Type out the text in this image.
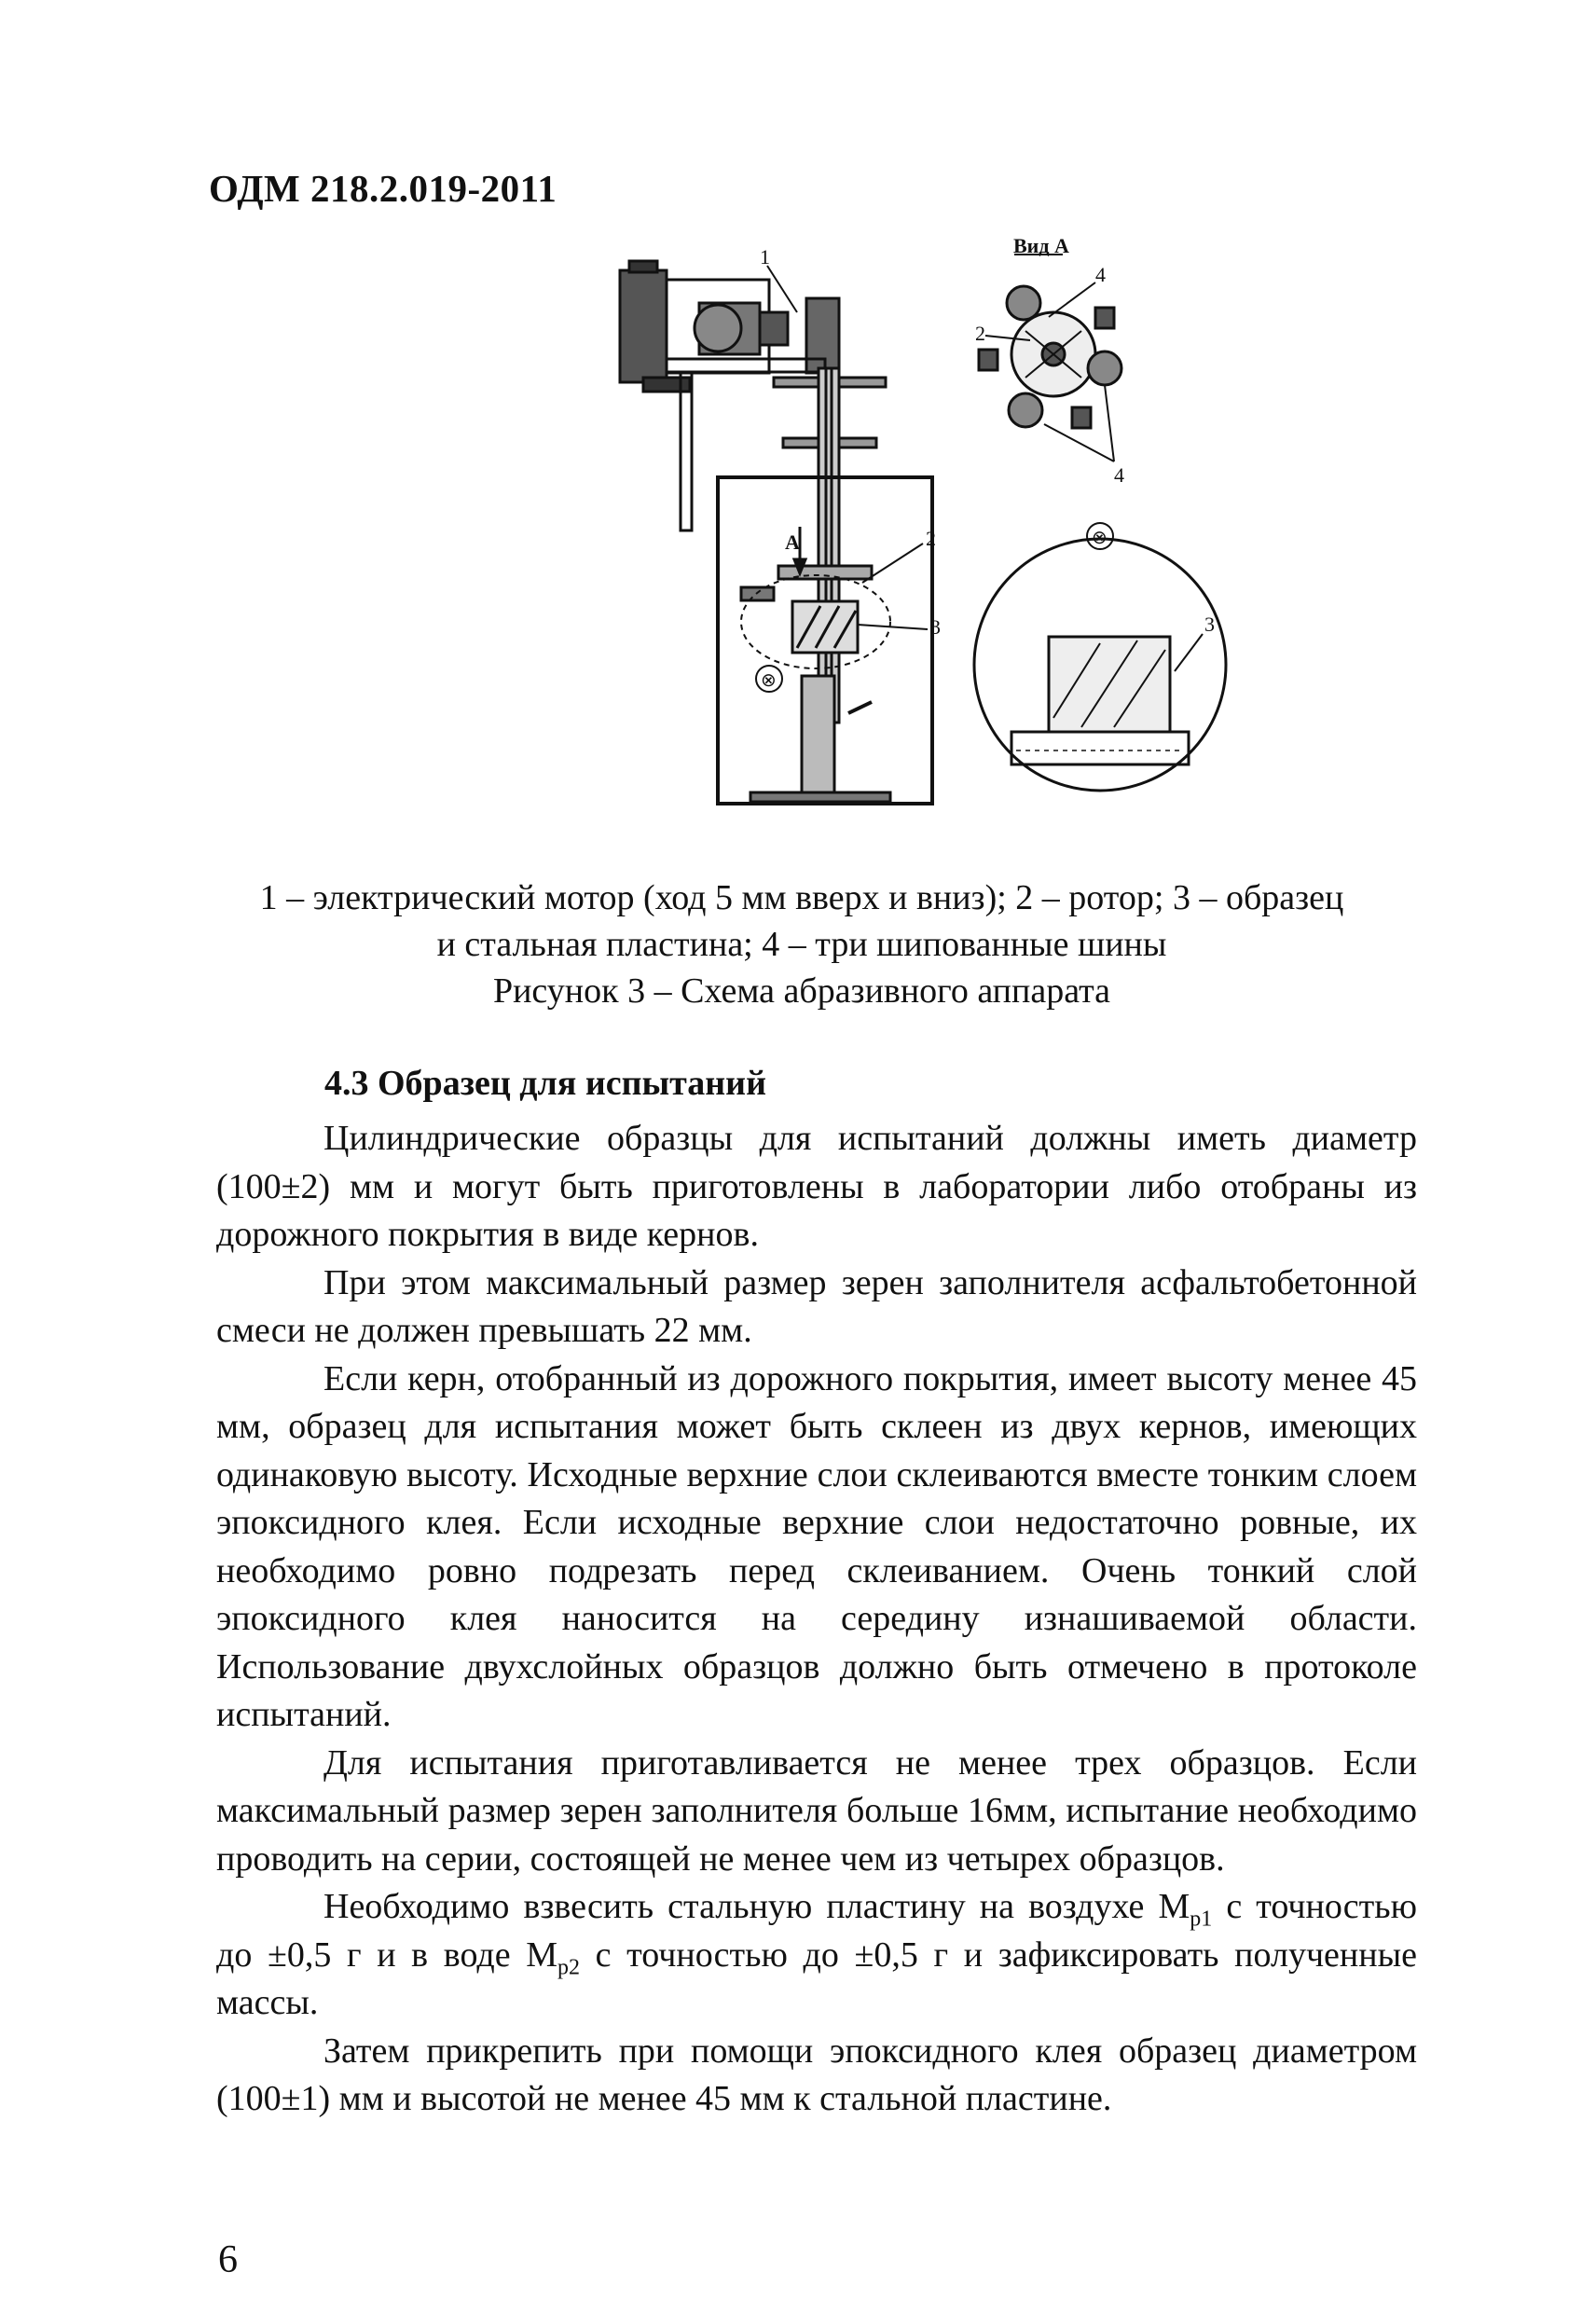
ОДМ 218.2.019-2011
Вид А
1
А	2
3
2
4
4
3
⊗
⊗
1 – электрический мотор (ход 5 мм вверх и вниз); 2 – ротор; 3 – образец
и стальная пластина; 4 – три шипованные шины
Рисунок 3 – Схема абразивного аппарата
4.3 Образец для испытаний

Цилиндрические образцы для испытаний должны иметь диаметр (100±2) мм и могут быть приготовлены в лаборатории либо отобраны из дорожного покрытия в виде кернов.

При этом максимальный размер зерен заполнителя асфальтобетонной смеси не должен превышать 22 мм.

Если керн, отобранный из дорожного покрытия, имеет высоту менее 45 мм, образец для испытания может быть склеен из двух кернов, имеющих одинаковую высоту. Исходные верхние слои склеиваются вместе тонким слоем эпоксидного клея. Если исходные верхние слои недостаточно ровные, их необходимо ровно подрезать перед склеиванием. Очень тонкий слой эпоксидного клея наносится на середину изнашиваемой области. Использование двухслойных образцов должно быть отмечено в протоколе испытаний.

Для испытания приготавливается не менее трех образцов. Если максимальный размер зерен заполнителя больше 16мм, испытание необходимо проводить на серии, состоящей не менее чем из четырех образцов.

Необходимо взвесить стальную пластину на воздухе $M_{p1}$ с точностью до ±0,5 г и в воде $M_{p2}$ с точностью до ±0,5 г и зафиксировать полученные массы.

Затем прикрепить при помощи эпоксидного клея образец диаметром (100±1) мм и высотой не менее 45 мм к стальной пластине.

6
